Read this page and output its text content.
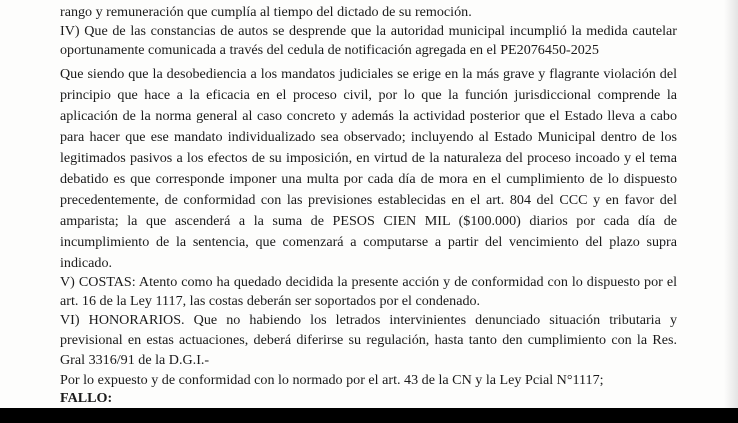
rango y remuneración que cumplía al tiempo del dictado de su remoción.
IV) Que de las constancias de autos se desprende que la autoridad municipal incumplió la medida cautelar
oportunamente comunicada a través del cedula de notificación agregada en el PE2076450-2025
Que siendo que la desobediencia a los mandatos judiciales se erige en la más grave y flagrante violación del
principio que hace a la eficacia en el proceso civil, por lo que la función jurisdiccional comprende la
aplicación de la norma general al caso concreto y además la actividad posterior que el Estado lleva a cabo
para hacer que ese mandato individualizado sea observado; incluyendo al Estado Municipal dentro de los
legitimados pasivos a los efectos de su imposición, en virtud de la naturaleza del proceso incoado y el tema
debatido es que corresponde imponer una multa por cada día de mora en el cumplimiento de lo dispuesto
precedentemente, de conformidad con las previsiones establecidas en el art. 804 del CCC y en favor del
amparista; la que ascenderá a la suma de PESOS CIEN MIL ($100.000) diarios por cada día de
incumplimiento de la sentencia, que comenzará a computarse a partir del vencimiento del plazo supra
indicado.
V) COSTAS: Atento como ha quedado decidida la presente acción y de conformidad con lo dispuesto por el
art. 16 de la Ley 1117, las costas deberán ser soportados por el condenado.
VI) HONORARIOS. Que no habiendo los letrados intervinientes denunciado situación tributaria y
previsional en estas actuaciones, deberá diferirse su regulación, hasta tanto den cumplimiento con la Res.
Gral 3316/91 de la D.G.I.-
Por lo expuesto y de conformidad con lo normado por el art. 43 de la CN y la Ley Pcial N°1117;
FALLO:
